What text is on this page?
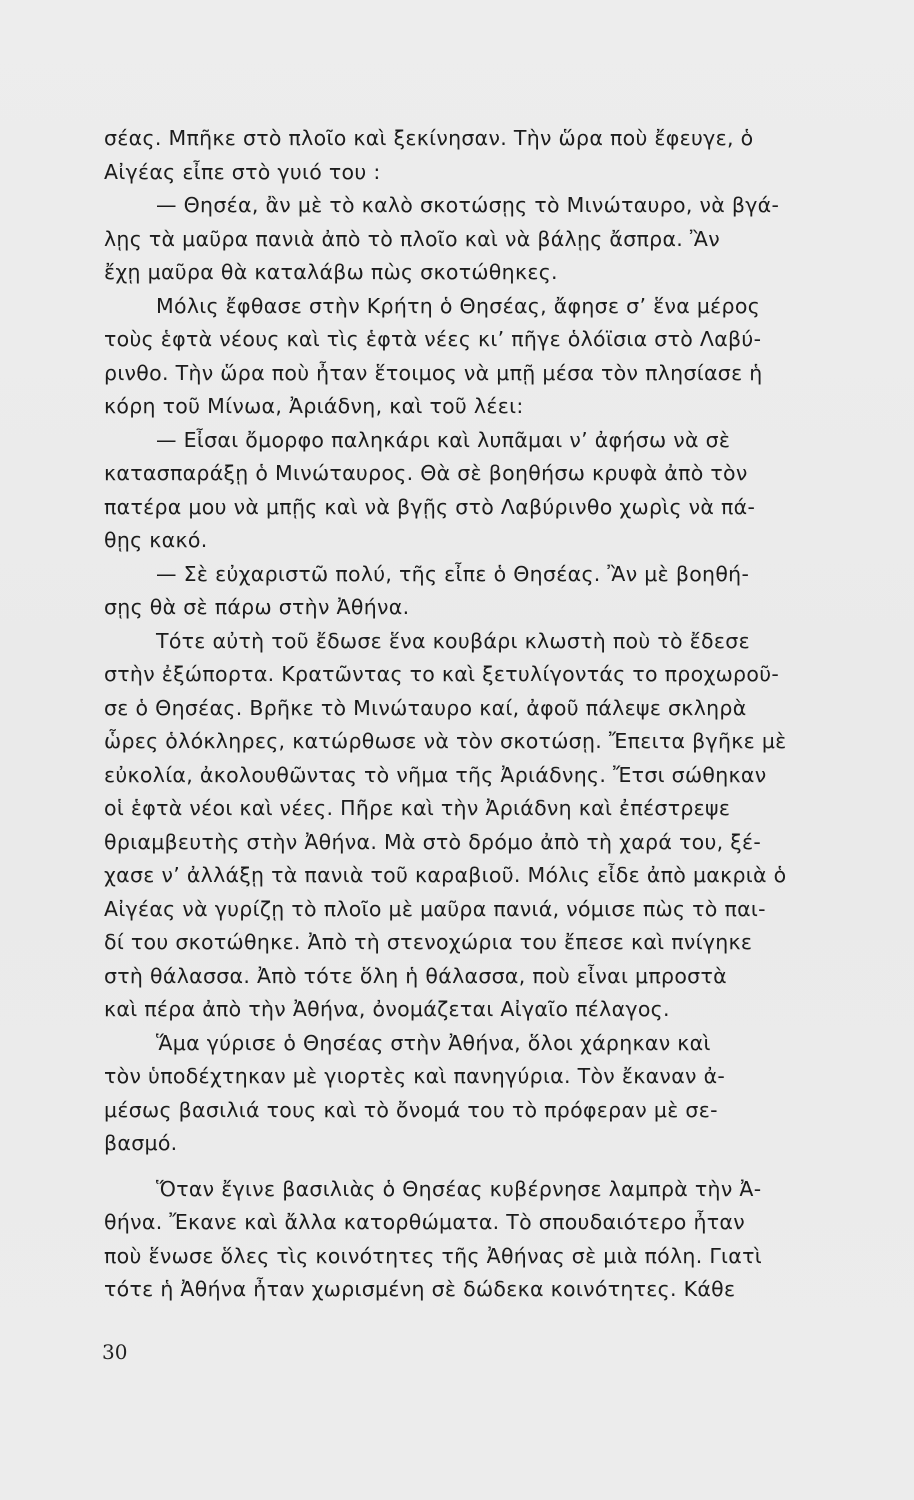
σέας. Μπῆκε στὸ πλοῖο καὶ ξεκίνησαν. Τὴν ὥρα ποὺ ἔφευγε, ὁ
Αἰγέας εἶπε στὸ γυιό του :
— Θησέα, ἂν μὲ τὸ καλὸ σκοτώσῃς τὸ Μινώταυρο, νὰ βγά-
λῃς τὰ μαῦρα πανιὰ ἀπὸ τὸ πλοῖο καὶ νὰ βάλῃς ἄσπρα. Ἂν
ἔχῃ μαῦρα θὰ καταλάβω πὼς σκοτώθηκες.
Μόλις ἔφθασε στὴν Κρήτη ὁ Θησέας, ἄφησε σ’ ἕνα μέρος
τοὺς ἑφτὰ νέους καὶ τὶς ἑφτὰ νέες κι’ πῆγε ὁλόϊσια στὸ Λαβύ-
ρινθο. Τὴν ὥρα ποὺ ἦταν ἕτοιμος νὰ μπῇ μέσα τὸν πλησίασε ἡ
κόρη τοῦ Μίνωα, Ἀριάδνη, καὶ τοῦ λέει:
— Εἶσαι ὄμορφο παληκάρι καὶ λυπᾶμαι ν’ ἀφήσω νὰ σὲ
κατασπαράξῃ ὁ Μινώταυρος. Θὰ σὲ βοηθήσω κρυφὰ ἀπὸ τὸν
πατέρα μου νὰ μπῇς καὶ νὰ βγῇς στὸ Λαβύρινθο χωρὶς νὰ πά-
θῃς κακό.
— Σὲ εὐχαριστῶ πολύ, τῆς εἶπε ὁ Θησέας. Ἂν μὲ βοηθή-
σῃς θὰ σὲ πάρω στὴν Ἀθήνα.
Τότε αὐτὴ τοῦ ἔδωσε ἕνα κουβάρι κλωστὴ ποὺ τὸ ἔδεσε
στὴν ἐξώπορτα. Κρατῶντας το καὶ ξετυλίγοντάς το προχωροῦ-
σε ὁ Θησέας. Βρῆκε τὸ Μινώταυρο καί, ἀφοῦ πάλεψε σκληρὰ
ὧρες ὁλόκληρες, κατώρθωσε νὰ τὸν σκοτώσῃ. Ἔπειτα βγῆκε μὲ
εὐκολία, ἀκολουθῶντας τὸ νῆμα τῆς Ἀριάδνης. Ἔτσι σώθηκαν
οἱ ἑφτὰ νέοι καὶ νέες. Πῆρε καὶ τὴν Ἀριάδνη καὶ ἐπέστρεψε
θριαμβευτὴς στὴν Ἀθήνα. Μὰ στὸ δρόμο ἀπὸ τὴ χαρά του, ξέ-
χασε ν’ ἀλλάξῃ τὰ πανιὰ τοῦ καραβιοῦ. Μόλις εἶδε ἀπὸ μακριὰ ὁ
Αἰγέας νὰ γυρίζῃ τὸ πλοῖο μὲ μαῦρα πανιά, νόμισε πὼς τὸ παι-
δί του σκοτώθηκε. Ἀπὸ τὴ στενοχώρια του ἔπεσε καὶ πνίγηκε
στὴ θάλασσα. Ἀπὸ τότε ὅλη ἡ θάλασσα, ποὺ εἶναι μπροστὰ
καὶ πέρα ἀπὸ τὴν Ἀθήνα, ὀνομάζεται Αἰγαῖο πέλαγος.
Ἅμα γύρισε ὁ Θησέας στὴν Ἀθήνα, ὅλοι χάρηκαν καὶ
τὸν ὑποδέχτηκαν μὲ γιορτὲς καὶ πανηγύρια. Τὸν ἔκαναν ἀ-
μέσως βασιλιά τους καὶ τὸ ὄνομά του τὸ πρόφεραν μὲ σε-
βασμό.
Ὅταν ἔγινε βασιλιὰς ὁ Θησέας κυβέρνησε λαμπρὰ τὴν Ἀ-
θήνα. Ἔκανε καὶ ἄλλα κατορθώματα. Τὸ σπουδαιότερο ἦταν
ποὺ ἕνωσε ὅλες τὶς κοινότητες τῆς Ἀθήνας σὲ μιὰ πόλη. Γιατὶ
τότε ἡ Ἀθήνα ἦταν χωρισμένη σὲ δώδεκα κοινότητες. Κάθε
30
